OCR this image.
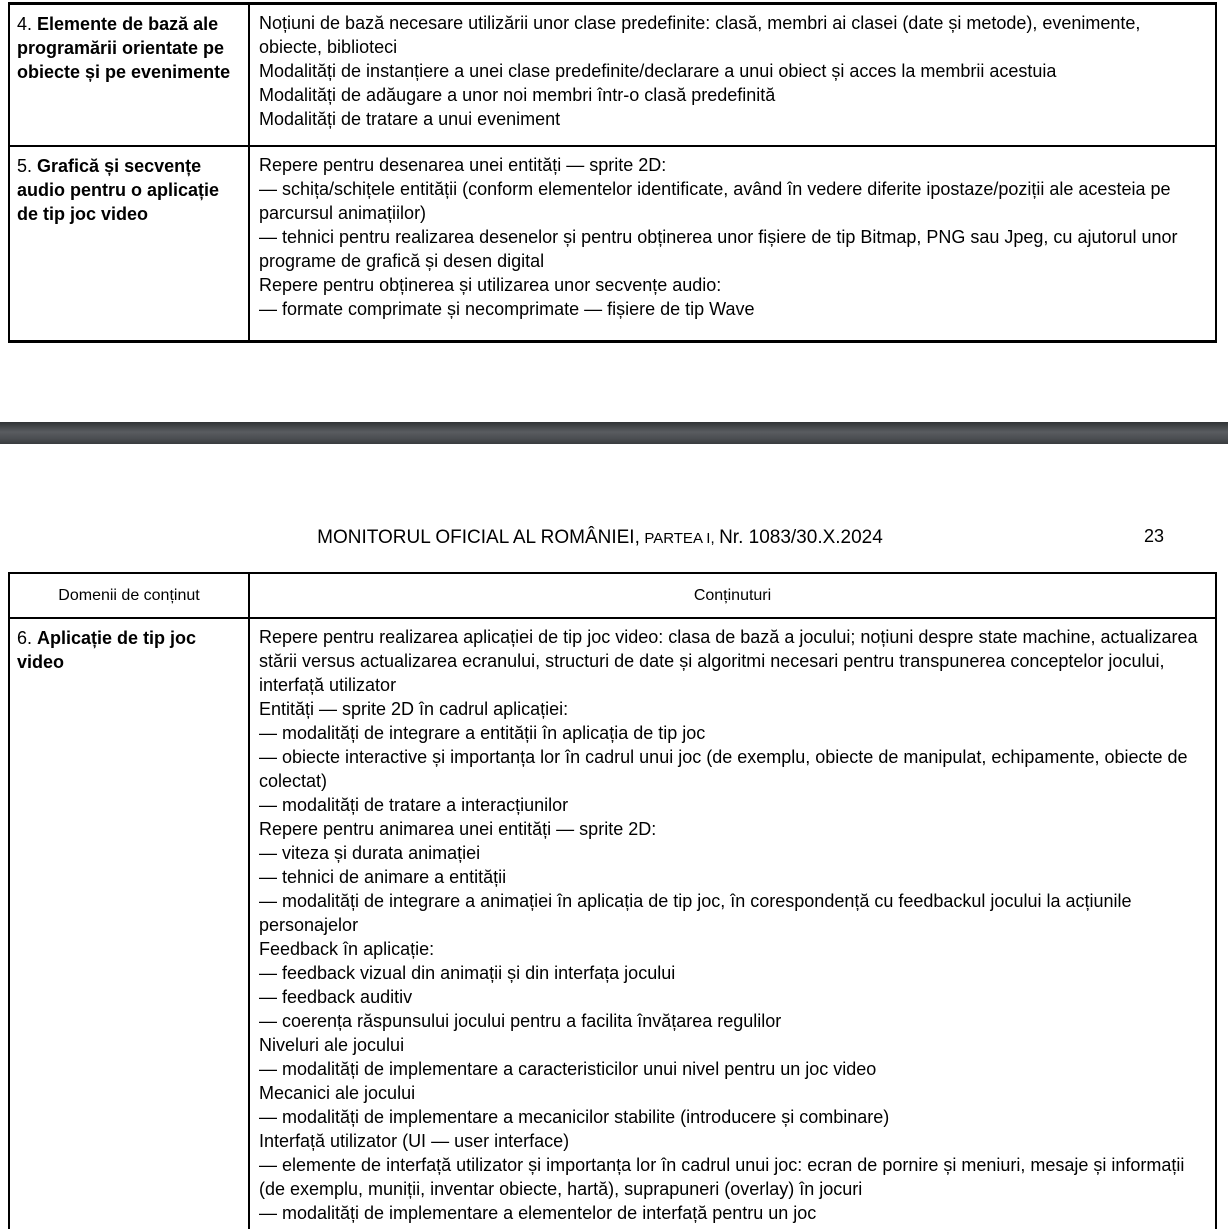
4. Elemente de bază ale programării orientate pe obiecte și pe evenimente

Noțiuni de bază necesare utilizării unor clase predefinite: clasă, membri ai clasei (date și metode), evenimente, obiecte, biblioteci

Modalități de instanțiere a unei clase predefinite/declarare a unui obiect și acces la membrii acestuia

Modalități de adăugare a unor noi membri într-o clasă predefinită

Modalități de tratare a unui eveniment

5. Grafică și secvențe audio pentru o aplicație de tip joc video

Repere pentru desenarea unei entități — sprite 2D:

— schița/schițele entității (conform elementelor identificate, având în vedere diferite ipostaze/poziții ale acesteia pe parcursul animațiilor)

— tehnici pentru realizarea desenelor și pentru obținerea unor fișiere de tip Bitmap, PNG sau Jpeg, cu ajutorul unor programe de grafică și desen digital

Repere pentru obținerea și utilizarea unor secvențe audio:

— formate comprimate și necomprimate — fișiere de tip Wave

MONITORUL OFICIAL AL ROMÂNIEI, PARTEA I, Nr. 1083/30.X.2024	23
Domenii de conținut	Conținuturi
6. Aplicație de tip joc video

Repere pentru realizarea aplicației de tip joc video: clasa de bază a jocului; noțiuni despre state machine, actualizarea stării versus actualizarea ecranului, structuri de date și algoritmi necesari pentru transpunerea conceptelor jocului, interfață utilizator

Entități — sprite 2D în cadrul aplicației:

— modalități de integrare a entității în aplicația de tip joc

— obiecte interactive și importanța lor în cadrul unui joc (de exemplu, obiecte de manipulat, echipamente, obiecte de colectat)

— modalități de tratare a interacțiunilor

Repere pentru animarea unei entități — sprite 2D:

— viteza și durata animației

— tehnici de animare a entității

— modalități de integrare a animației în aplicația de tip joc, în corespondență cu feedbackul jocului la acțiunile personajelor

Feedback în aplicație:

— feedback vizual din animații și din interfața jocului

— feedback auditiv

— coerența răspunsului jocului pentru a facilita învățarea regulilor

Niveluri ale jocului

— modalități de implementare a caracteristicilor unui nivel pentru un joc video

Mecanici ale jocului

— modalități de implementare a mecanicilor stabilite (introducere și combinare)

Interfață utilizator (UI — user interface)

— elemente de interfață utilizator și importanța lor în cadrul unui joc: ecran de pornire și meniuri, mesaje și informații (de exemplu, muniții, inventar obiecte, hartă), suprapuneri (overlay) în jocuri

— modalități de implementare a elementelor de interfață pentru un joc
